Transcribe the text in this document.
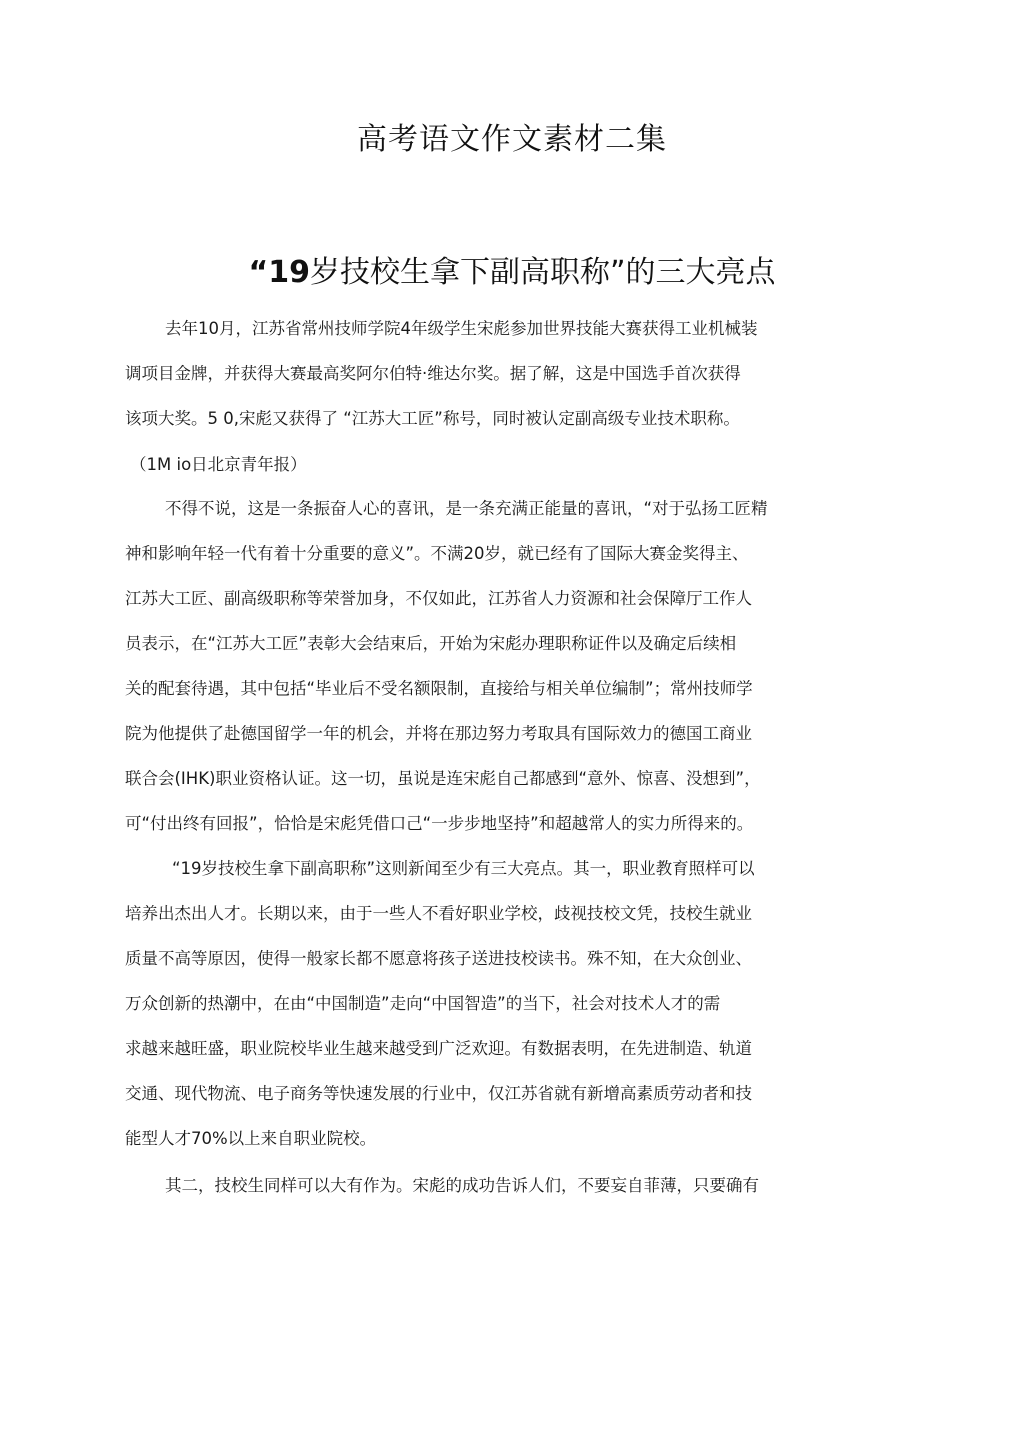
高考语文作文素材二集
“19岁技校生拿下副高职称”的三大亮点

去年10月，江苏省常州技师学院4年级学生宋彪参加世界技能大赛获得工业机械装

调项目金牌，并获得大赛最高奖阿尔伯特·维达尔奖。据了解，这是中国选手首次获得

该项大奖。5 0,宋彪又获得了 “江苏大工匠”称号，同时被认定副高级专业技术职称。

（1M io日北京青年报）

不得不说，这是一条振奋人心的喜讯，是一条充满正能量的喜讯，“对于弘扬工匠精

神和影响年轻一代有着十分重要的意义”。不满20岁，就已经有了国际大赛金奖得主、

江苏大工匠、副高级职称等荣誉加身，不仅如此，江苏省人力资源和社会保障厅工作人

员表示，在“江苏大工匠”表彰大会结束后，开始为宋彪办理职称证件以及确定后续相

关的配套待遇，其中包括“毕业后不受名额限制，直接给与相关单位编制”；常州技师学

院为他提供了赴德国留学一年的机会，并将在那边努力考取具有国际效力的德国工商业

联合会(IHK)职业资格认证。这一切，虽说是连宋彪自己都感到“意外、惊喜、没想到”，

可“付出终有回报”，恰恰是宋彪凭借口己“一步步地坚持”和超越常人的实力所得来的。

“19岁技校生拿下副高职称”这则新闻至少有三大亮点。其一，职业教育照样可以

培养出杰出人才。长期以来，由于一些人不看好职业学校，歧视技校文凭，技校生就业

质量不高等原因，使得一般家长都不愿意将孩子送进技校读书。殊不知，在大众创业、

万众创新的热潮中，在由“中国制造”走向“中国智造”的当下，社会对技术人才的需

求越来越旺盛，职业院校毕业生越来越受到广泛欢迎。有数据表明，在先进制造、轨道

交通、现代物流、电子商务等快速发展的行业中，仅江苏省就有新增高素质劳动者和技

能型人才70%以上来自职业院校。

其二，技校生同样可以大有作为。宋彪的成功告诉人们，不要妄自菲薄，只要确有
